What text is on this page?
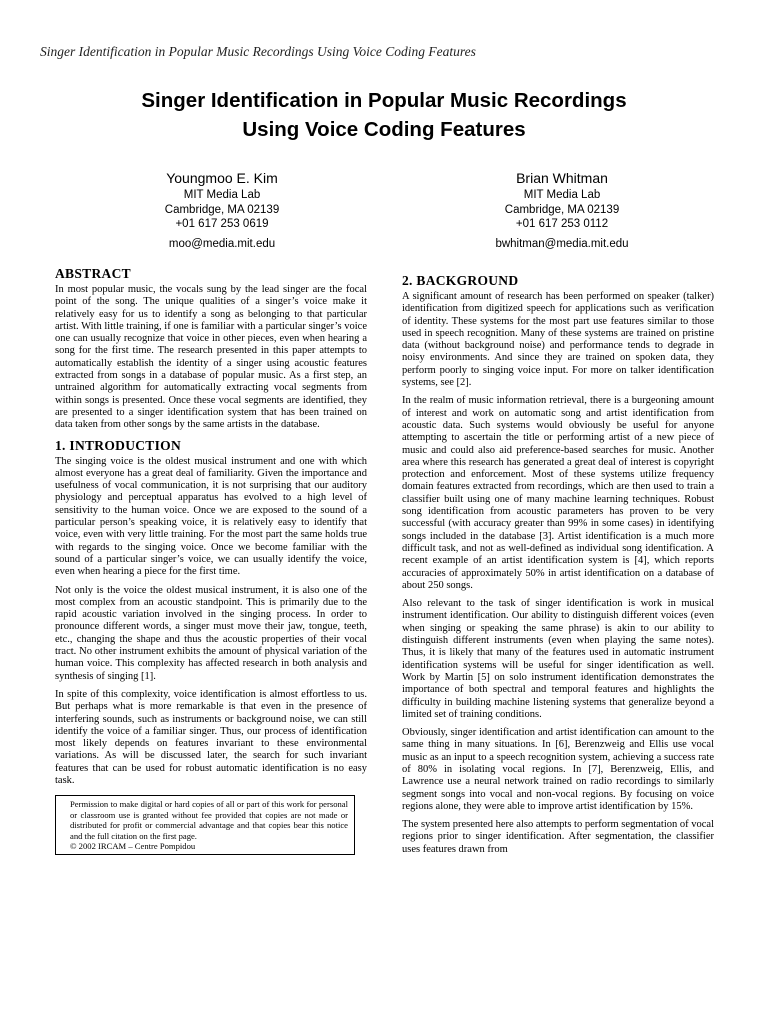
Singer Identification in Popular Music Recordings Using Voice Coding Features
Singer Identification in Popular Music Recordings
Using Voice Coding Features
Youngmoo E. Kim
MIT Media Lab
Cambridge, MA 02139
+01 617 253 0619
moo@media.mit.edu
Brian Whitman
MIT Media Lab
Cambridge, MA 02139
+01 617 253 0112
bwhitman@media.mit.edu
ABSTRACT

In most popular music, the vocals sung by the lead singer are the focal point of the song. The unique qualities of a singer’s voice make it relatively easy for us to identify a song as belonging to that particular artist. With little training, if one is familiar with a particular singer’s voice one can usually recognize that voice in other pieces, even when hearing a song for the first time. The research presented in this paper attempts to automatically establish the identity of a singer using acoustic features extracted from songs in a database of popular music. As a first step, an untrained algorithm for automatically extracting vocal segments from within songs is presented. Once these vocal segments are identified, they are presented to a singer identification system that has been trained on data taken from other songs by the same artists in the database.

1. INTRODUCTION

The singing voice is the oldest musical instrument and one with which almost everyone has a great deal of familiarity. Given the importance and usefulness of vocal communication, it is not surprising that our auditory physiology and perceptual apparatus has evolved to a high level of sensitivity to the human voice. Once we are exposed to the sound of a particular person’s speaking voice, it is relatively easy to identify that voice, even with very little training. For the most part the same holds true with regards to the singing voice. Once we become familiar with the sound of a particular singer’s voice, we can usually identify the voice, even when hearing a piece for the first time.

Not only is the voice the oldest musical instrument, it is also one of the most complex from an acoustic standpoint. This is primarily due to the rapid acoustic variation involved in the singing process. In order to pronounce different words, a singer must move their jaw, tongue, teeth, etc., changing the shape and thus the acoustic properties of their vocal tract. No other instrument exhibits the amount of physical variation of the human voice. This complexity has affected research in both analysis and synthesis of singing [1].

In spite of this complexity, voice identification is almost effortless to us. But perhaps what is more remarkable is that even in the presence of interfering sounds, such as instruments or background noise, we can still identify the voice of a familiar singer. Thus, our process of identification most likely depends on features invariant to these environmental variations. As will be discussed later, the search for such invariant features that can be used for robust automatic identification is no easy task.

Permission to make digital or hard copies of all or part of this work for personal or classroom use is granted without fee provided that copies are not made or distributed for profit or commercial advantage and that copies bear this notice and the full citation on the first page.

© 2002 IRCAM – Centre Pompidou

2. BACKGROUND

A significant amount of research has been performed on speaker (talker) identification from digitized speech for applications such as verification of identity. These systems for the most part use features similar to those used in speech recognition. Many of these systems are trained on pristine data (without background noise) and performance tends to degrade in noisy environments. And since they are trained on spoken data, they perform poorly to singing voice input. For more on talker identification systems, see [2].

In the realm of music information retrieval, there is a burgeoning amount of interest and work on automatic song and artist identification from acoustic data. Such systems would obviously be useful for anyone attempting to ascertain the title or performing artist of a new piece of music and could also aid preference-based searches for music. Another area where this research has generated a great deal of interest is copyright protection and enforcement. Most of these systems utilize frequency domain features extracted from recordings, which are then used to train a classifier built using one of many machine learning techniques. Robust song identification from acoustic parameters has proven to be very successful (with accuracy greater than 99% in some cases) in identifying songs included in the database [3]. Artist identification is a much more difficult task, and not as well-defined as individual song identification. A recent example of an artist identification system is [4], which reports accuracies of approximately 50% in artist identification on a database of about 250 songs.

Also relevant to the task of singer identification is work in musical instrument identification. Our ability to distinguish different voices (even when singing or speaking the same phrase) is akin to our ability to distinguish different instruments (even when playing the same notes). Thus, it is likely that many of the features used in automatic instrument identification systems will be useful for singer identification as well. Work by Martin [5] on solo instrument identification demonstrates the importance of both spectral and temporal features and highlights the difficulty in building machine listening systems that generalize beyond a limited set of training conditions.

Obviously, singer identification and artist identification can amount to the same thing in many situations. In [6], Berenzweig and Ellis use vocal music as an input to a speech recognition system, achieving a success rate of 80% in isolating vocal regions. In [7], Berenzweig, Ellis, and Lawrence use a neural network trained on radio recordings to similarly segment songs into vocal and non-vocal regions. By focusing on voice regions alone, they were able to improve artist identification by 15%.

The system presented here also attempts to perform segmentation of vocal regions prior to singer identification. After segmentation, the classifier uses features drawn from
